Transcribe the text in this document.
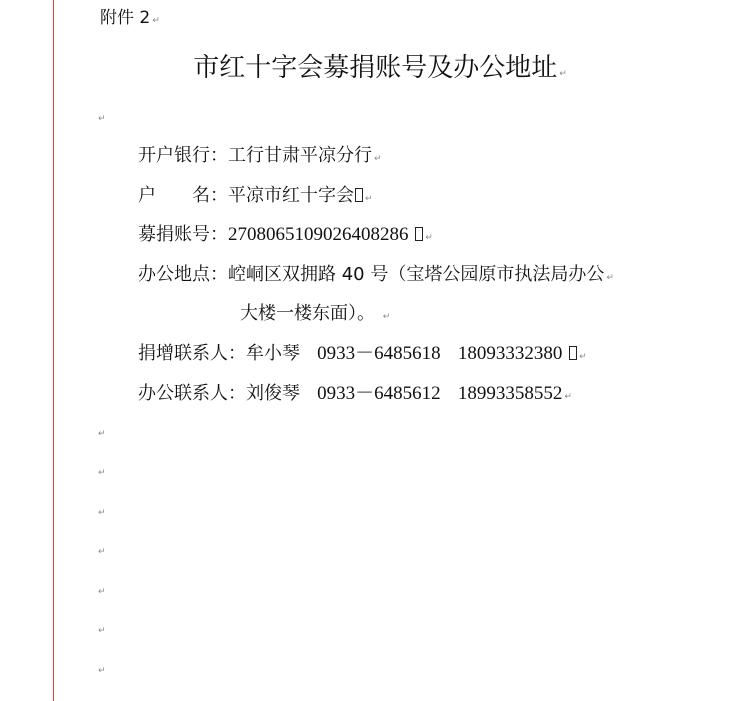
附件 2 ↵
市红十字会募捐账号及办公地址 ↵
↵
开户银行：工行甘肃平凉分行 ↵
户　　名：平凉市红十字会 ↵
募捐账号：2708065109026408286 ↵
办公地点：崆峒区双拥路 40 号（宝塔公园原市执法局办公 ↵
大楼一楼东面）。 ↵
捐增联系人：牟小琴 0933－6485618 18093332380 ↵
办公联系人：刘俊琴 0933－6485612 18993358552 ↵
↵
↵
↵
↵
↵
↵
↵
